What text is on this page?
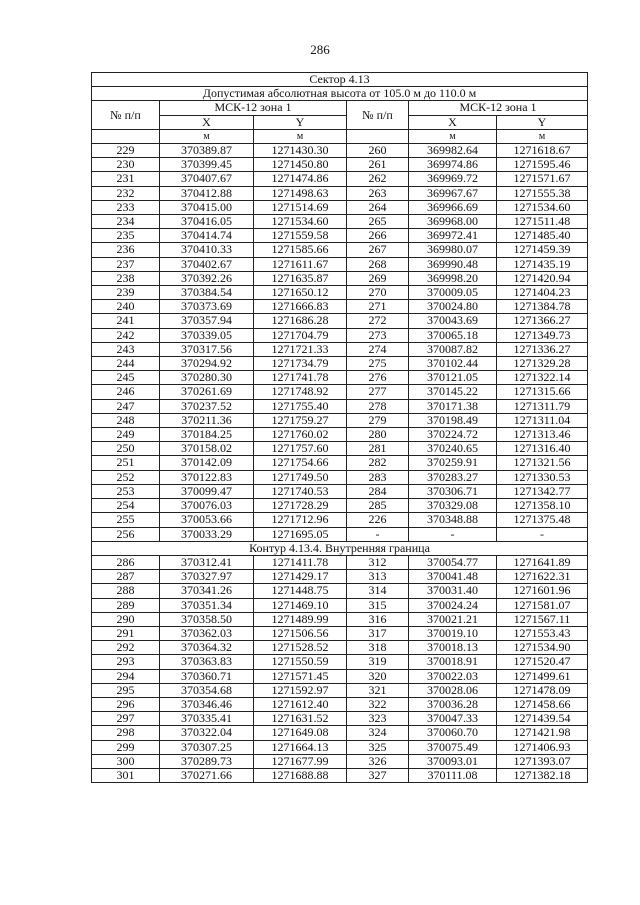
286
Сектор 4.13					
Допустимая абсолютная высота от 105.0 м до 110.0 м					
№ п/п	МСК-12 зона 1		№ п/п	МСК-12 зона 1	
	X	Y		X	Y
	м	м		м	м
229	370389.87	1271430.30	260	369982.64	1271618.67
230	370399.45	1271450.80	261	369974.86	1271595.46
231	370407.67	1271474.86	262	369969.72	1271571.67
232	370412.88	1271498.63	263	369967.67	1271555.38
233	370415.00	1271514.69	264	369966.69	1271534.60
234	370416.05	1271534.60	265	369968.00	1271511.48
235	370414.74	1271559.58	266	369972.41	1271485.40
236	370410.33	1271585.66	267	369980.07	1271459.39
237	370402.67	1271611.67	268	369990.48	1271435.19
238	370392.26	1271635.87	269	369998.20	1271420.94
239	370384.54	1271650.12	270	370009.05	1271404.23
240	370373.69	1271666.83	271	370024.80	1271384.78
241	370357.94	1271686.28	272	370043.69	1271366.27
242	370339.05	1271704.79	273	370065.18	1271349.73
243	370317.56	1271721.33	274	370087.82	1271336.27
244	370294.92	1271734.79	275	370102.44	1271329.28
245	370280.30	1271741.78	276	370121.05	1271322.14
246	370261.69	1271748.92	277	370145.22	1271315.66
247	370237.52	1271755.40	278	370171.38	1271311.79
248	370211.36	1271759.27	279	370198.49	1271311.04
249	370184.25	1271760.02	280	370224.72	1271313.46
250	370158.02	1271757.60	281	370240.65	1271316.40
251	370142.09	1271754.66	282	370259.91	1271321.56
252	370122.83	1271749.50	283	370283.27	1271330.53
253	370099.47	1271740.53	284	370306.71	1271342.77
254	370076.03	1271728.29	285	370329.08	1271358.10
255	370053.66	1271712.96	226	370348.88	1271375.48
256	370033.29	1271695.05	-	-	-
Контур 4.13.4. Внутренняя граница					
286	370312.41	1271411.78	312	370054.77	1271641.89
287	370327.97	1271429.17	313	370041.48	1271622.31
288	370341.26	1271448.75	314	370031.40	1271601.96
289	370351.34	1271469.10	315	370024.24	1271581.07
290	370358.50	1271489.99	316	370021.21	1271567.11
291	370362.03	1271506.56	317	370019.10	1271553.43
292	370364.32	1271528.52	318	370018.13	1271534.90
293	370363.83	1271550.59	319	370018.91	1271520.47
294	370360.71	1271571.45	320	370022.03	1271499.61
295	370354.68	1271592.97	321	370028.06	1271478.09
296	370346.46	1271612.40	322	370036.28	1271458.66
297	370335.41	1271631.52	323	370047.33	1271439.54
298	370322.04	1271649.08	324	370060.70	1271421.98
299	370307.25	1271664.13	325	370075.49	1271406.93
300	370289.73	1271677.99	326	370093.01	1271393.07
301	370271.66	1271688.88	327	370111.08	1271382.18
